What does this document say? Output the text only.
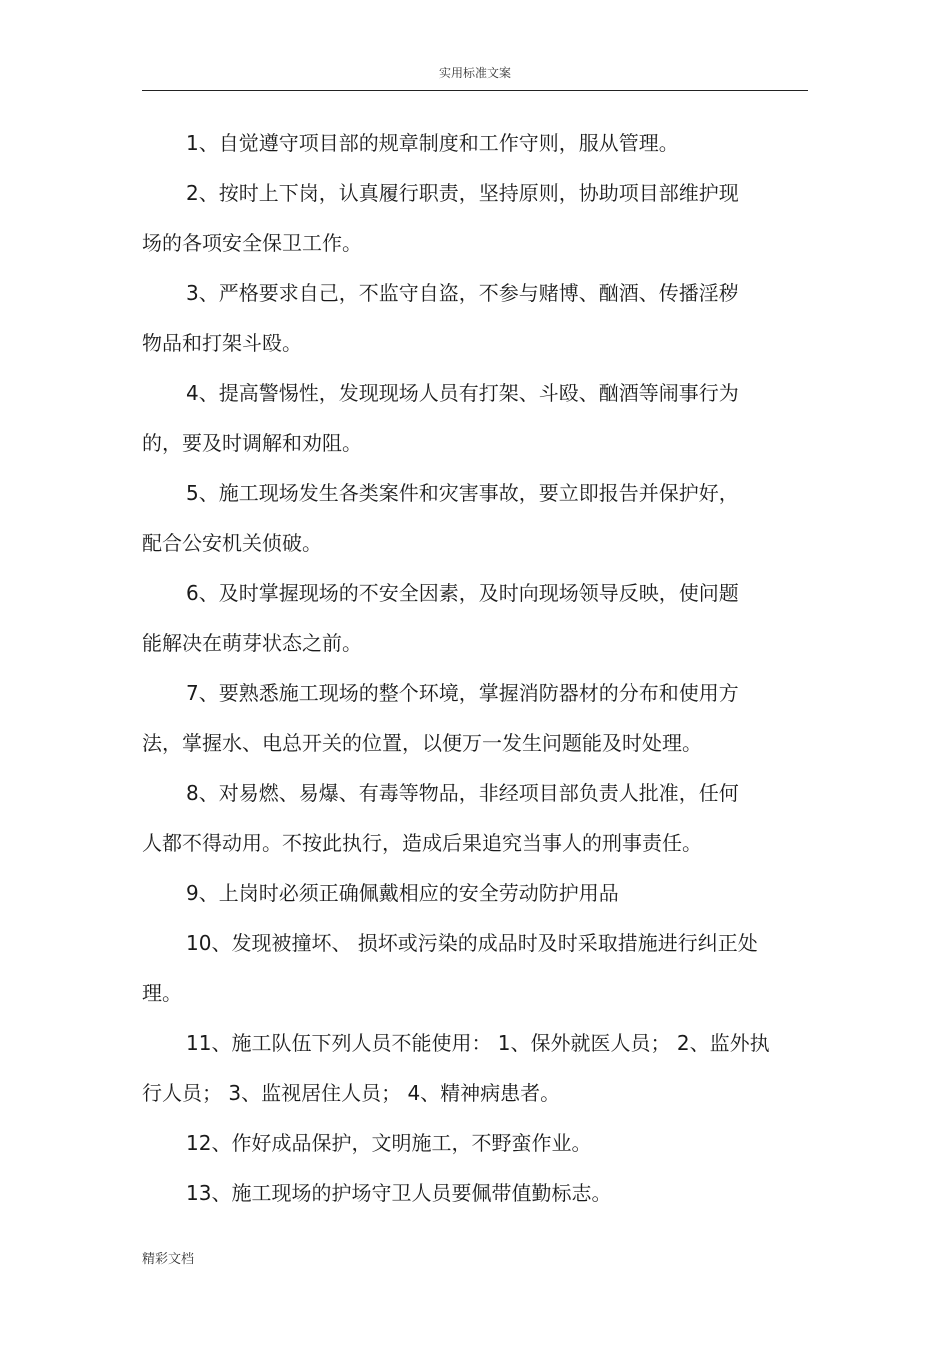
实用标准文案

1、自觉遵守项目部的规章制度和工作守则，服从管理。

2、按时上下岗，认真履行职责，坚持原则，协助项目部维护现
场的各项安全保卫工作。

3、严格要求自己，不监守自盗，不参与赌博、酗酒、传播淫秽
物品和打架斗殴。

4、提高警惕性，发现现场人员有打架、斗殴、酗酒等闹事行为
的，要及时调解和劝阻。

5、施工现场发生各类案件和灾害事故，要立即报告并保护好，
配合公安机关侦破。

6、及时掌握现场的不安全因素，及时向现场领导反映，使问题
能解决在萌芽状态之前。

7、要熟悉施工现场的整个环境，掌握消防器材的分布和使用方
法，掌握水、电总开关的位置，以便万一发生问题能及时处理。

8、对易燃、易爆、有毒等物品，非经项目部负责人批准，任何
人都不得动用。不按此执行，造成后果追究当事人的刑事责任。

9、上岗时必须正确佩戴相应的安全劳动防护用品

10、发现被撞坏、 损坏或污染的成品时及时采取措施进行纠正处
理。

11、施工队伍下列人员不能使用： 1、保外就医人员； 2、监外执
行人员； 3、监视居住人员； 4、精神病患者。

12、作好成品保护，文明施工，不野蛮作业。

13、施工现场的护场守卫人员要佩带值勤标志。

精彩文档
